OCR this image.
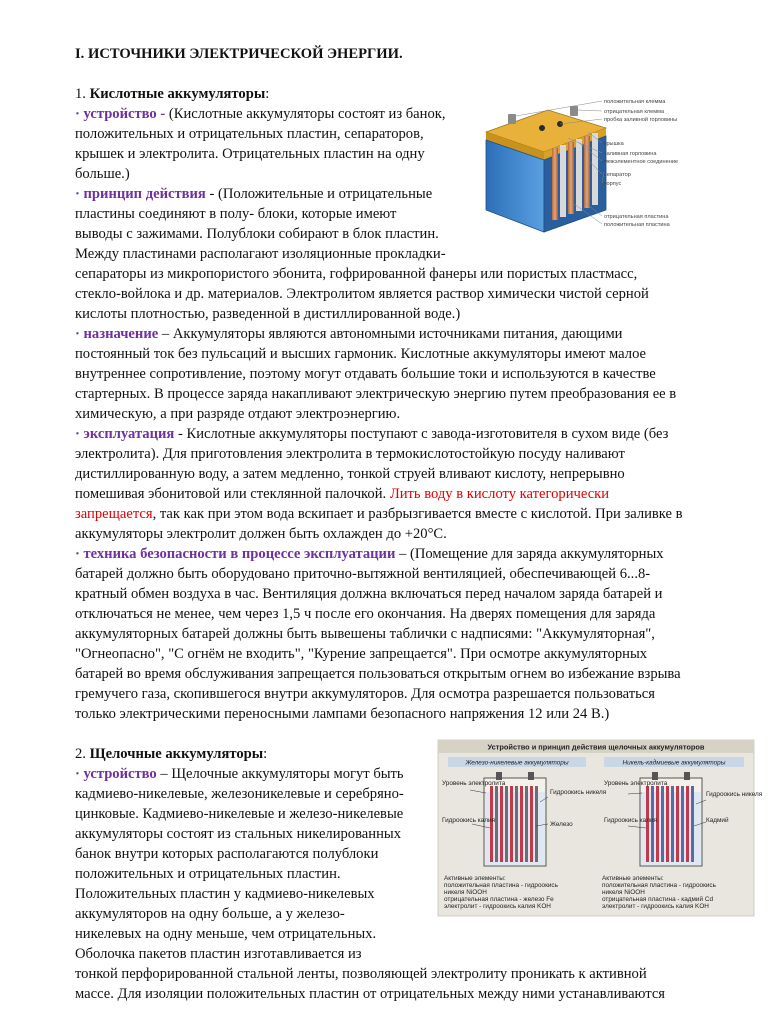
I. ИСТОЧНИКИ ЭЛЕКТРИЧЕСКОЙ ЭНЕРГИИ.
1. Кислотные аккумуляторы:
· устройство - (Кислотные аккумуляторы состоят из банок,
положительных и отрицательных пластин, сепараторов,
крышек и электролита. Отрицательных пластин на одну
больше.)
· принцип действия - (Положительные и отрицательные
пластины соединяют в полу- блоки, которые имеют
выводы с зажимами. Полублоки собирают в блок пластин.
Между пластинами располагают изоляционные прокладки-
сепараторы из микропористого эбонита, гофрированной фанеры или пористых пластмасс,
стекло-войлока и др. материалов. Электролитом является раствор химически чистой серной
кислоты плотностью, разведенной в дистиллированной воде.)
· назначение – Аккумуляторы являются автономными источниками питания, дающими
постоянный ток без пульсаций и высших гармоник. Кислотные аккумуляторы имеют малое
внутреннее сопротивление, поэтому могут отдавать большие токи и используются в качестве
стартерных. В процессе заряда накапливают электрическую энергию путем преобразования ее в
химическую, а при разряде отдают электроэнергию.
· эксплуатация - Кислотные аккумуляторы поступают с завода-изготовителя в сухом виде (без
электролита). Для приготовления электролита в термокислотостойкую посуду наливают
дистиллированную воду, а затем медленно, тонкой струей вливают кислоту, непрерывно
помешивая эбонитовой или стеклянной палочкой. Лить воду в кислоту категорически
запрещается, так как при этом вода вскипает и разбрызгивается вместе с кислотой. При заливке в
аккумуляторы электролит должен быть охлажден до +20°С.
· техника безопасности в процессе эксплуатации – (Помещение для заряда аккумуляторных
батарей должно быть оборудовано приточно-вытяжной вентиляцией, обеспечивающей 6...8-
кратный обмен воздуха в час. Вентиляция должна включаться перед началом заряда батарей и
отключаться не менее, чем через 1,5 ч после его окончания. На дверях помещения для заряда
аккумуляторных батарей должны быть вывешены таблички с надписями: "Аккумуляторная",
"Огнеопасно", "С огнём не входить", "Курение запрещается". При осмотре аккумуляторных
батарей во время обслуживания запрещается пользоваться открытым огнем во избежание взрыва
гремучего газа, скопившегося внутри аккумуляторов. Для осмотра разрешается пользоваться
только электрическими переносными лампами безопасного напряжения 12 или 24 В.)
2. Щелочные аккумуляторы:
· устройство – Щелочные аккумуляторы могут быть
кадмиево-никелевые, железоникелевые и серебряно-
цинковые. Кадмиево-никелевые и железо-никелевые
аккумуляторы состоят из стальных никелированных
банок внутри которых располагаются полублоки
положительных и отрицательных пластин.
Положительных пластин у кадмиево-никелевых
аккумуляторов на одну больше, а у железо-
никелевых на одну меньше, чем отрицательных.
Оболочка пакетов пластин изготавливается из
тонкой перфорированной стальной ленты, позволяющей электролиту проникать к активной
массе. Для изоляции положительных пластин от отрицательных между ними устанавливаются
положительная клемма
отрицательная клемма
пробка заливной горловины
крышка
заливная горловина
межэлементное соединение
сепаратор
корпус
отрицательная пластина
положительная пластина
Устройство и принцип действия щелочных аккумуляторов
Железо-никелевые аккумуляторы
Уровень электролита
Гидроокись никеля
Гидроокись калия
Железо
Активные элементы:
положительная пластина - гидроокись
никеля NiOOH
отрицательная пластина - железо Fe
электролит - гидроокись калия KOH
Никель-кадмиевые аккумуляторы
Уровень электролита
Гидроокись никеля
Гидроокись калия	Кадмий
Активные элементы:
положительная пластина - гидроокись
никеля NiOOH
отрицательная пластина - кадмий Cd
электролит - гидроокись калия KOH
